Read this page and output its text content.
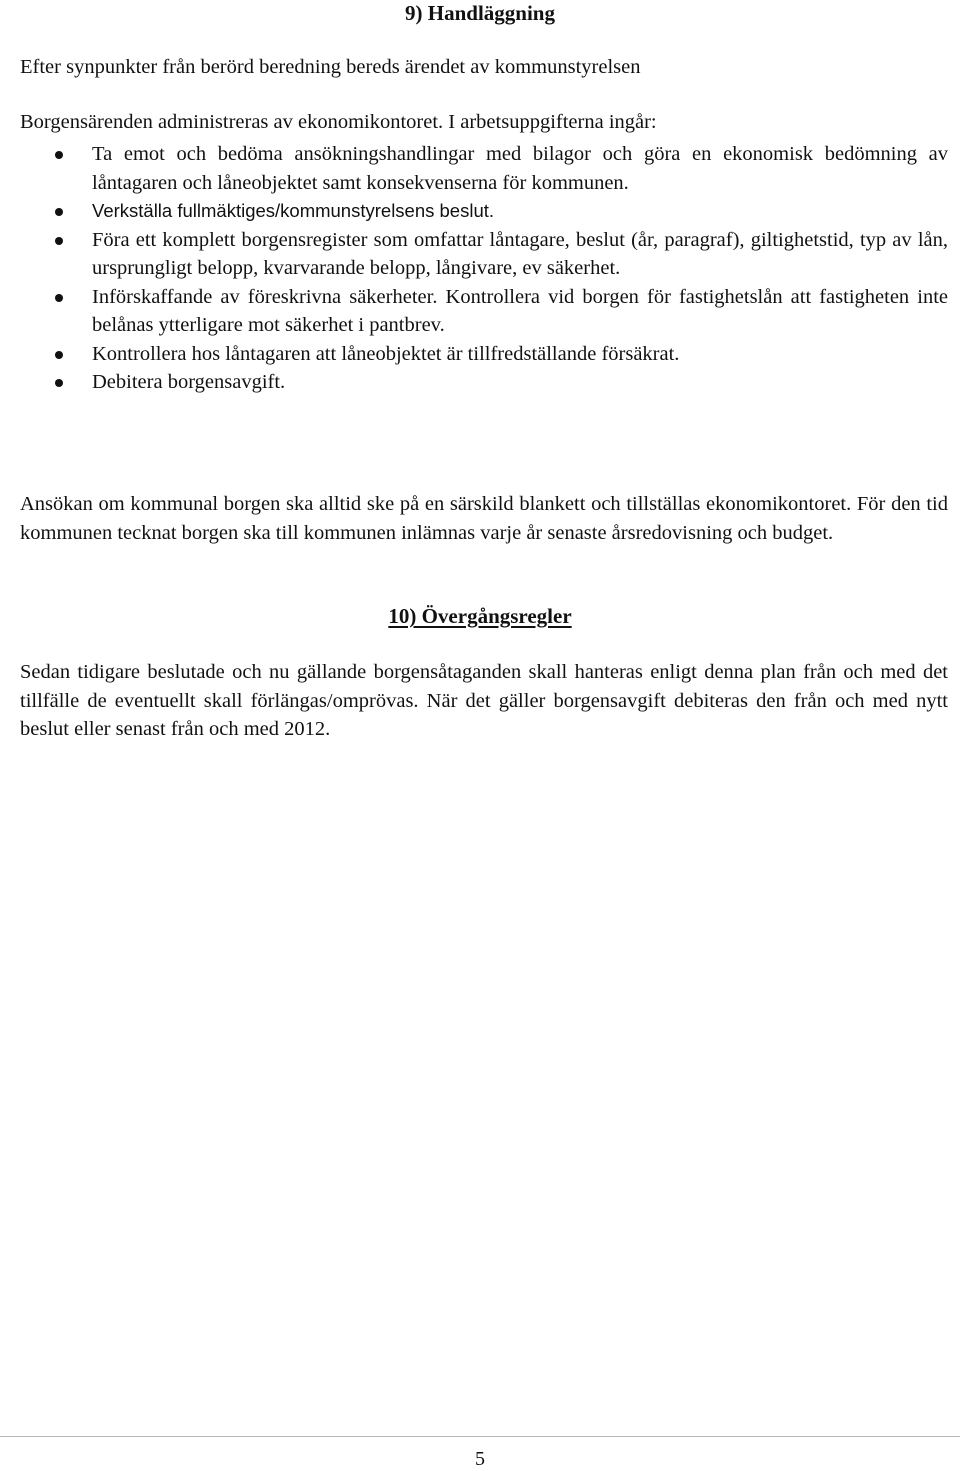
9) Handläggning

Efter synpunkter från berörd beredning bereds ärendet av kommunstyrelsen

Borgensärenden administreras av ekonomikontoret. I arbetsuppgifterna ingår:

Ta emot och bedöma ansökningshandlingar med bilagor och göra en ekonomisk bedömning av låntagaren och låneobjektet samt konsekvenserna för kommunen.
Verkställa fullmäktiges/kommunstyrelsens beslut.
Föra ett komplett borgensregister som omfattar låntagare, beslut (år, paragraf), giltighetstid, typ av lån, ursprungligt belopp, kvarvarande belopp, långivare, ev säkerhet.
Införskaffande av föreskrivna säkerheter. Kontrollera vid borgen för fastighetslån att fastigheten inte belånas ytterligare mot säkerhet i pantbrev.
Kontrollera hos låntagaren att låneobjektet är tillfredställande försäkrat.
Debitera borgensavgift.

Ansökan om kommunal borgen ska alltid ske på en särskild blankett och tillställas ekonomikontoret. För den tid kommunen tecknat borgen ska till kommunen inlämnas varje år senaste årsredovisning och budget.

10) Övergångsregler

Sedan tidigare beslutade och nu gällande borgensåtaganden skall hanteras enligt denna plan från och med det tillfälle de eventuellt skall förlängas/omprövas. När det gäller borgensavgift debiteras den från och med nytt beslut eller senast från och med 2012.

5
